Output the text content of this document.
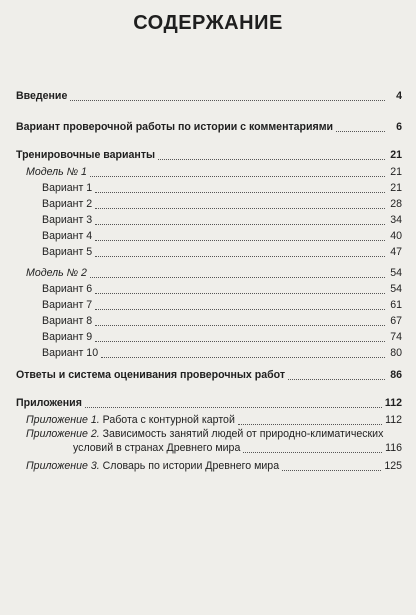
СОДЕРЖАНИЕ
Введение	4
Вариант проверочной работы по истории с комментариями	6
Тренировочные варианты	21
Модель № 1	21
Вариант 1	21
Вариант 2	28
Вариант 3	34
Вариант 4	40
Вариант 5	47
Модель № 2	54
Вариант 6	54
Вариант 7	61
Вариант 8	67
Вариант 9	74
Вариант 10	80
Ответы и система оценивания проверочных работ	86
Приложения	112
Приложение 1. Работа с контурной картой	112
Приложение 2. Зависимость занятий людей от природно-климатических
условий в странах Древнего мира	116
Приложение 3. Словарь по истории Древнего мира	125
